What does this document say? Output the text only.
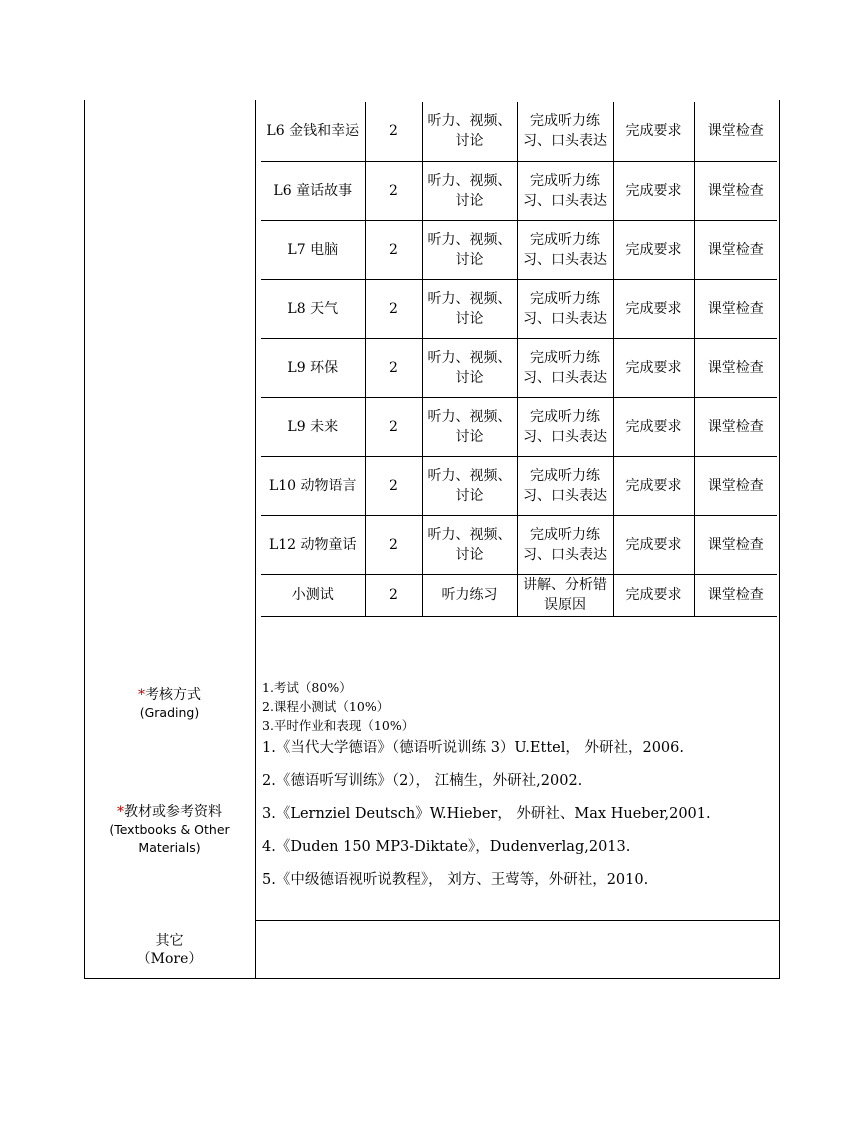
L6 金钱和幸运	2	听力、视频、讨论	完成听力练习、口头表达	完成要求	课堂检查
L6 童话故事	2	听力、视频、讨论	完成听力练习、口头表达	完成要求	课堂检查
L7 电脑	2	听力、视频、讨论	完成听力练习、口头表达	完成要求	课堂检查
L8 天气	2	听力、视频、讨论	完成听力练习、口头表达	完成要求	课堂检查
L9 环保	2	听力、视频、讨论	完成听力练习、口头表达	完成要求	课堂检查
L9 未来	2	听力、视频、讨论	完成听力练习、口头表达	完成要求	课堂检查
L10 动物语言	2	听力、视频、讨论	完成听力练习、口头表达	完成要求	课堂检查
L12 动物童话	2	听力、视频、讨论	完成听力练习、口头表达	完成要求	课堂检查
小测试	2	听力练习	讲解、分析错误原因	完成要求	课堂检查
*考核方式
(Grading)
1.考试（80%）
2.课程小测试（10%）
3.平时作业和表现（10%）
*教材或参考资料
(Textbooks & Other
Materials)
1.《当代大学德语》（德语听说训练 3）U.Ettel， 外研社，2006.
2.《德语听写训练》（2）， 江楠生，外研社,2002.
3.《Lernziel Deutsch》W.Hieber， 外研社、Max Hueber,2001.
4.《Duden 150 MP3-Diktate》，Dudenverlag,2013.
5.《中级德语视听说教程》， 刘方、王莺等，外研社，2010.
其它
（More）
